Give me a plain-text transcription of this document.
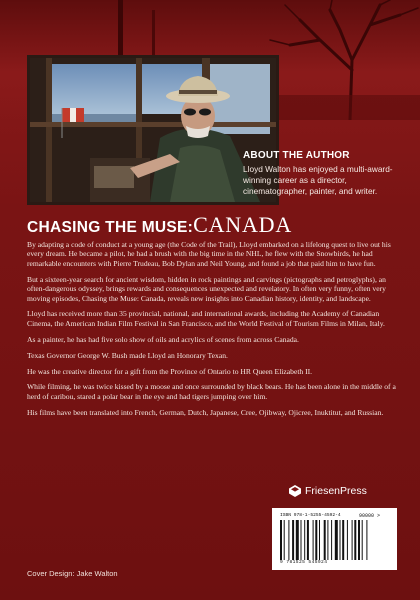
ABOUT THE AUTHOR
Lloyd Walton has enjoyed a multi-award-winning career as a director, cinematographer, painter, and writer.
CHASING THE MUSE:CANADA

By adapting a code of conduct at a young age (the Code of the Trail), Lloyd embarked on a lifelong quest to live out his every dream. He became a pilot, he had a brush with the big time in the NHL, he flew with the Snowbirds, he had remarkable encounters with Pierre Trudeau, Bob Dylan and Neil Young, and found a job that paid him to have fun.

But a sixteen-year search for ancient wisdom, hidden in rock paintings and carvings (pictographs and petroglyphs), an often-dangerous odyssey, brings rewards and consequences unexpected and revelatory. In often very funny, often very moving episodes, Chasing the Muse: Canada, reveals new insights into Canadian history, identity, and landscape.

Lloyd has received more than 35 provincial, national, and international awards, including the Academy of Canadian Cinema, the American Indian Film Festival in San Francisco, and the World Festival of Tourism Films in Milan, Italy.

As a painter, he has had five solo show of oils and acrylics of scenes from across Canada.

Texas Governor George W. Bush made Lloyd an Honorary Texan.

He was the creative director for a gift from the Province of Ontario to HR Queen Elizabeth II.

While filming, he was twice kissed by a moose and once surrounded by black bears. He has been alone in the middle of a herd of caribou, stared a polar bear in the eye and had tigers jumping over him.

His films have been translated into French, German, Dutch, Japanese, Cree, Ojibway, Ojicree, Inuktitut, and Russian.

FriesenPress
ISBN 978-1-5255-4592-4	90000 >
9 781525 545924
Cover Design: Jake Walton
